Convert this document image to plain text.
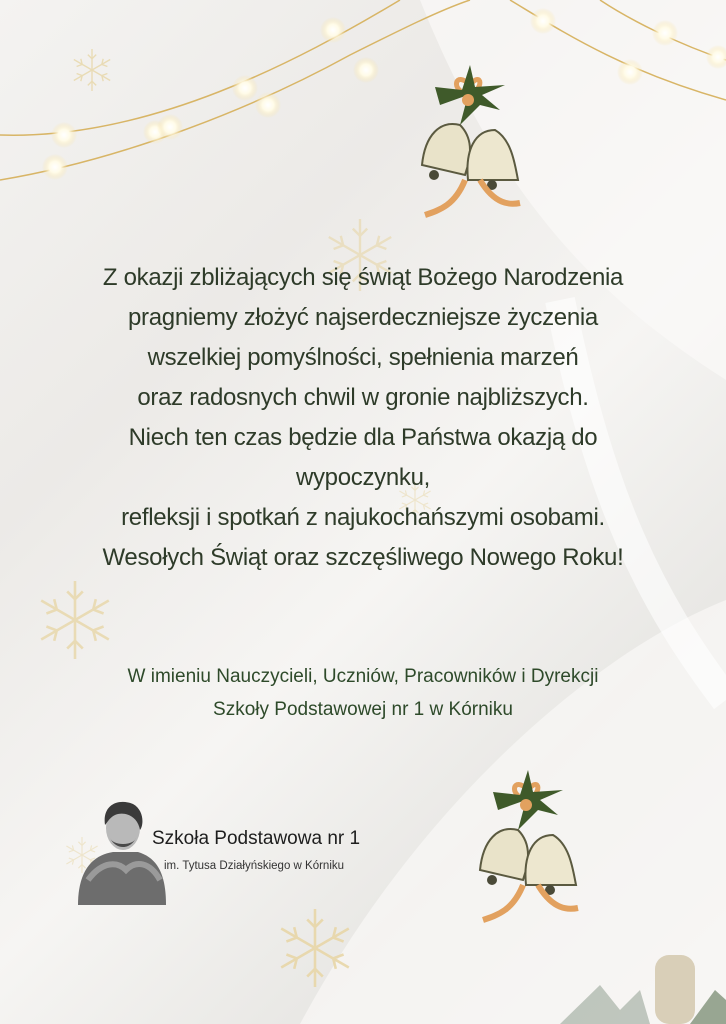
Z okazji zbliżających się świąt Bożego Narodzenia
pragniemy złożyć najserdeczniejsze życzenia
wszelkiej pomyślności, spełnienia marzeń
oraz radosnych chwil w gronie najbliższych.
Niech ten czas będzie dla Państwa okazją do
wypoczynku,
refleksji i spotkań z najukochańszymi osobami.
Wesołych Świąt oraz szczęśliwego Nowego Roku!
W imieniu Nauczycieli, Uczniów, Pracowników i Dyrekcji
Szkoły Podstawowej nr 1 w Kórniku
Szkoła Podstawowa nr 1
im. Tytusa Działyńskiego w Kórniku
